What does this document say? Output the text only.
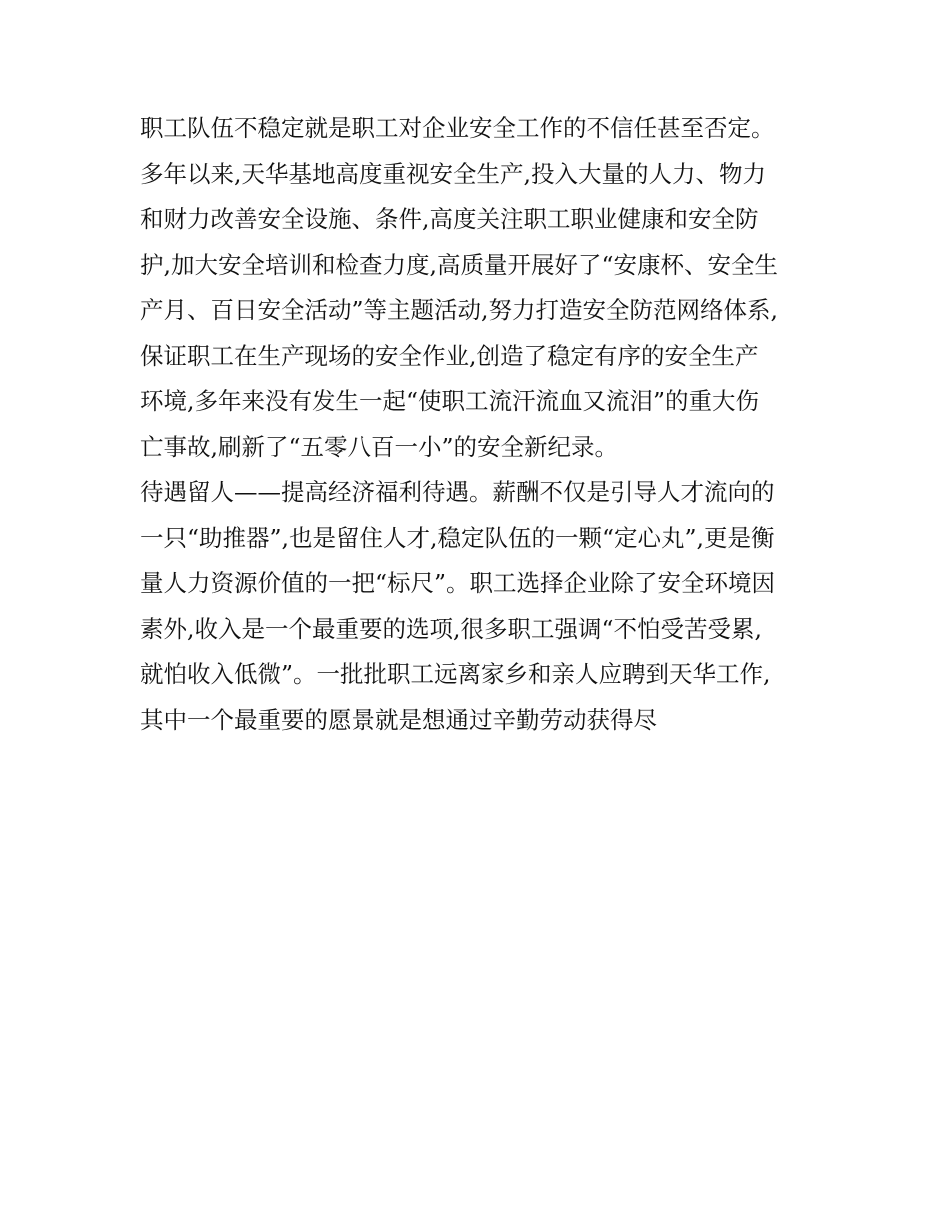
职工队伍不稳定就是职工对企业安全工作的不信任甚至否定。
多年以来,天华基地高度重视安全生产,投入大量的人力、物力
和财力改善安全设施、条件,高度关注职工职业健康和安全防
护,加大安全培训和检查力度,高质量开展好了“安康杯、安全生
产月、百日安全活动”等主题活动,努力打造安全防范网络体系,
保证职工在生产现场的安全作业,创造了稳定有序的安全生产
环境,多年来没有发生一起“使职工流汗流血又流泪”的重大伤
亡事故,刷新了“五零八百一小”的安全新纪录。
待遇留人——提高经济福利待遇。薪酬不仅是引导人才流向的
一只“助推器”,也是留住人才,稳定队伍的一颗“定心丸”,更是衡
量人力资源价值的一把“标尺”。职工选择企业除了安全环境因
素外,收入是一个最重要的选项,很多职工强调“不怕受苦受累,
就怕收入低微”。一批批职工远离家乡和亲人应聘到天华工作,
其中一个最重要的愿景就是想通过辛勤劳动获得尽
